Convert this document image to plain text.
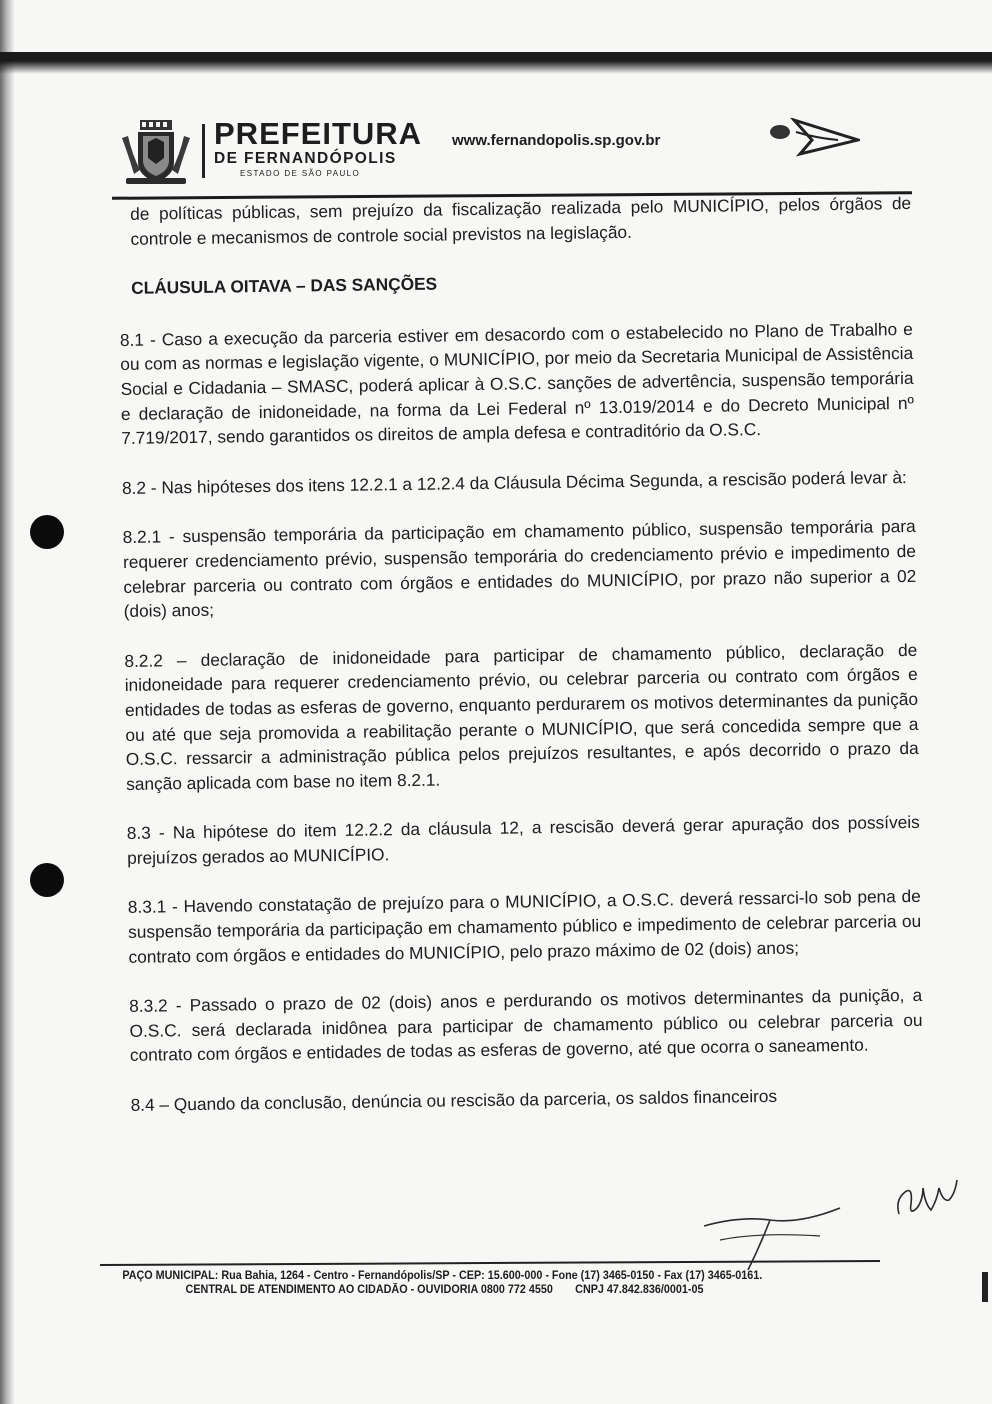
PREFEITURA
DE FERNANDÓPOLIS
ESTADO DE SÃO PAULO
www.fernandopolis.sp.gov.br

de políticas públicas, sem prejuízo da fiscalização realizada pelo MUNICÍPIO, pelos órgãos de controle e mecanismos de controle social previstos na legislação.

CLÁUSULA OITAVA – DAS SANÇÕES

8.1 - Caso a execução da parceria estiver em desacordo com o estabelecido no Plano de Trabalho e ou com as normas e legislação vigente, o MUNICÍPIO, por meio da Secretaria Municipal de Assistência Social e Cidadania – SMASC, poderá aplicar à O.S.C. sanções de advertência, suspensão temporária e declaração de inidoneidade, na forma da Lei Federal nº 13.019/2014 e do Decreto Municipal nº 7.719/2017, sendo garantidos os direitos de ampla defesa e contraditório da O.S.C.

8.2 - Nas hipóteses dos itens 12.2.1 a 12.2.4 da Cláusula Décima Segunda, a rescisão poderá levar à:

8.2.1 - suspensão temporária da participação em chamamento público, suspensão temporária para requerer credenciamento prévio, suspensão temporária do credenciamento prévio e impedimento de celebrar parceria ou contrato com órgãos e entidades do MUNICÍPIO, por prazo não superior a 02 (dois) anos;

8.2.2 – declaração de inidoneidade para participar de chamamento público, declaração de inidoneidade para requerer credenciamento prévio, ou celebrar parceria ou contrato com órgãos e entidades de todas as esferas de governo, enquanto perdurarem os motivos determinantes da punição ou até que seja promovida a reabilitação perante o MUNICÍPIO, que será concedida sempre que a O.S.C. ressarcir a administração pública pelos prejuízos resultantes, e após decorrido o prazo da sanção aplicada com base no item 8.2.1.

8.3 - Na hipótese do item 12.2.2 da cláusula 12, a rescisão deverá gerar apuração dos possíveis prejuízos gerados ao MUNICÍPIO.

8.3.1 - Havendo constatação de prejuízo para o MUNICÍPIO, a O.S.C. deverá ressarci-lo sob pena de suspensão temporária da participação em chamamento público e impedimento de celebrar parceria ou contrato com órgãos e entidades do MUNICÍPIO, pelo prazo máximo de 02 (dois) anos;

8.3.2 - Passado o prazo de 02 (dois) anos e perdurando os motivos determinantes da punição, a O.S.C. será declarada inidônea para participar de chamamento público ou celebrar parceria ou contrato com órgãos e entidades de todas as esferas de governo, até que ocorra o saneamento.

8.4 – Quando da conclusão, denúncia ou rescisão da parceria, os saldos financeiros

PAÇO MUNICIPAL: Rua Bahia, 1264 - Centro - Fernandópolis/SP - CEP: 15.600-000 - Fone (17) 3465-0150 - Fax (17) 3465-0161.
CENTRAL DE ATENDIMENTO AO CIDADÃO - OUVIDORIA 0800 772 4550 CNPJ 47.842.836/0001-05
